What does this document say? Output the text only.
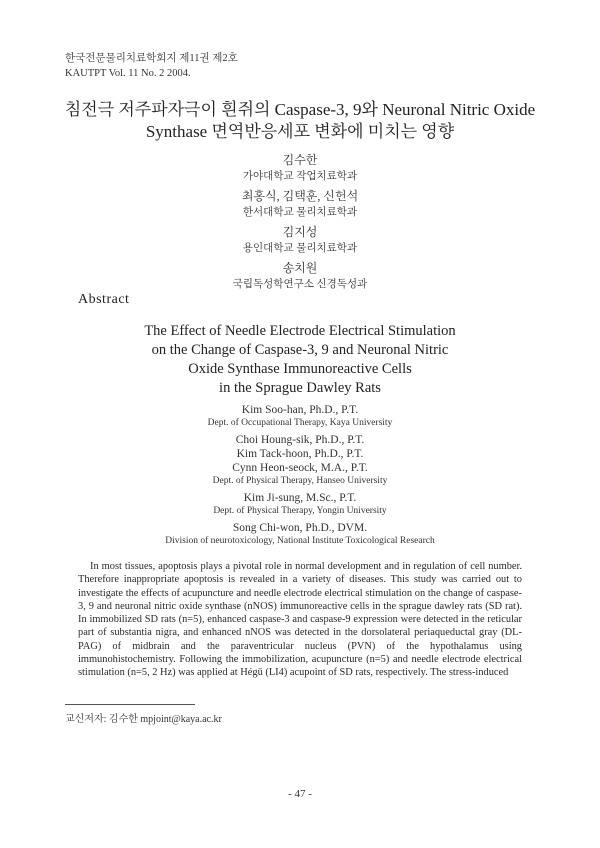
한국전문물리치료학회지 제11권 제2호
KAUTPT Vol. 11 No. 2 2004.
침전극 저주파자극이 흰쥐의 Caspase-3, 9와 Neuronal Nitric Oxide
Synthase 면역반응세포 변화에 미치는 영향
김수한
가야대학교 작업치료학과
최홍식, 김택훈, 신헌석
한서대학교 물리치료학과
김지성
용인대학교 물리치료학과
송치원
국립독성학연구소 신경독성과
Abstract
The Effect of Needle Electrode Electrical Stimulation
on the Change of Caspase-3, 9 and Neuronal Nitric
Oxide Synthase Immunoreactive Cells
in the Sprague Dawley Rats
Kim Soo-han, Ph.D., P.T.
Dept. of Occupational Therapy, Kaya University
Choi Houng-sik, Ph.D., P.T.
Kim Tack-hoon, Ph.D., P.T.
Cynn Heon-seock, M.A., P.T.
Dept. of Physical Therapy, Hanseo University
Kim Ji-sung, M.Sc., P.T.
Dept. of Physical Therapy, Yongin University
Song Chi-won, Ph.D., DVM.
Division of neurotoxicology, National Institute Toxicological Research

In most tissues, apoptosis plays a pivotal role in normal development and in regulation of cell number. Therefore inappropriate apoptosis is revealed in a variety of diseases. This study was carried out to investigate the effects of acupuncture and needle electrode electrical stimulation on the change of caspase-3, 9 and neuronal nitric oxide synthase (nNOS) immunoreactive cells in the sprague dawley rats (SD rat). In immobilized SD rats (n=5), enhanced caspase-3 and caspase-9 expression were detected in the reticular part of substantia nigra, and enhanced nNOS was detected in the dorsolateral periaqueductal gray (DL-PAG) of midbrain and the paraventricular nucleus (PVN) of the hypothalamus using immunohistochemistry. Following the immobilization, acupuncture (n=5) and needle electrode electrical stimulation (n=5, 2 Hz) was applied at Hégǔ (LI4) acupoint of SD rats, respectively. The stress-induced

교신저자: 김수한 mpjoint@kaya.ac.kr
- 47 -
